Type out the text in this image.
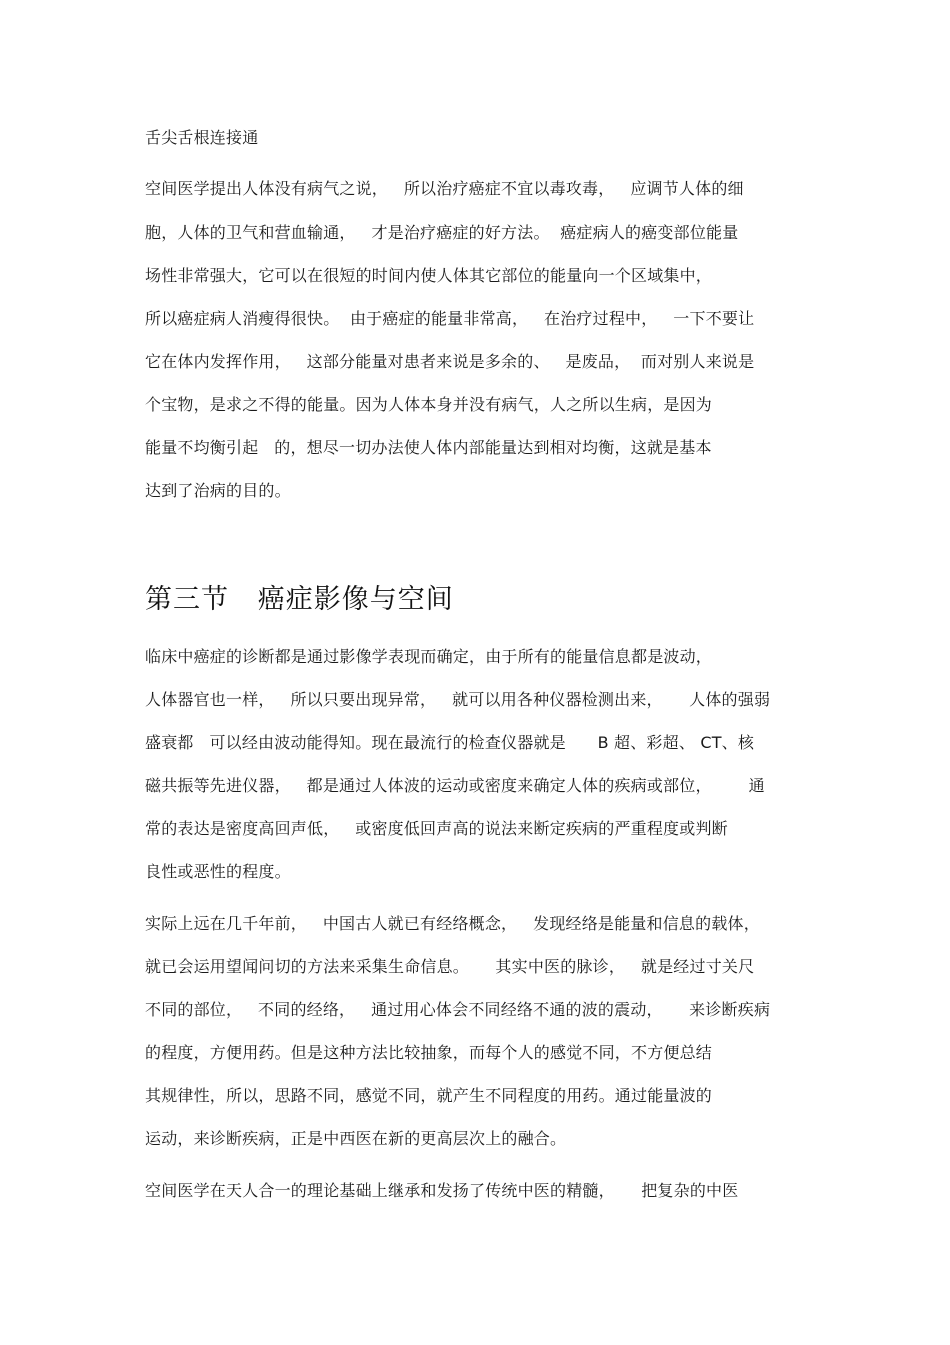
舌尖舌根连接通
空间医学提出人体没有病气之说，   所以治疗癌症不宜以毒攻毒，   应调节人体的细
胞，人体的卫气和营血输通，   才是治疗癌症的好方法。  癌症病人的癌变部位能量
场性非常强大，它可以在很短的时间内使人体其它部位的能量向一个区域集中，
所以癌症病人消瘦得很快。  由于癌症的能量非常高，   在治疗过程中，   一下不要让
它在体内发挥作用，   这部分能量对患者来说是多余的、   是废品，  而对别人来说是
个宝物，是求之不得的能量。因为人体本身并没有病气，人之所以生病，是因为
能量不均衡引起   的，想尽一切办法使人体内部能量达到相对均衡，这就是基本
达到了治病的目的。
第三节   癌症影像与空间
临床中癌症的诊断都是通过影像学表现而确定，由于所有的能量信息都是波动，
人体器官也一样，   所以只要出现异常，   就可以用各种仪器检测出来，     人体的强弱
盛衰都   可以经由波动能得知。现在最流行的检查仪器就是      B 超、彩超、 CT、核
磁共振等先进仪器，   都是通过人体波的运动或密度来确定人体的疾病或部位，       通
常的表达是密度高回声低，   或密度低回声高的说法来断定疾病的严重程度或判断
良性或恶性的程度。
实际上远在几千年前，   中国古人就已有经络概念，   发现经络是能量和信息的载体，
就已会运用望闻问切的方法来采集生命信息。     其实中医的脉诊，   就是经过寸关尺
不同的部位，   不同的经络，   通过用心体会不同经络不通的波的震动，     来诊断疾病
的程度，方便用药。但是这种方法比较抽象，而每个人的感觉不同，不方便总结
其规律性，所以，思路不同，感觉不同，就产生不同程度的用药。通过能量波的
运动，来诊断疾病，正是中西医在新的更高层次上的融合。
空间医学在天人合一的理论基础上继承和发扬了传统中医的精髓，     把复杂的中医
